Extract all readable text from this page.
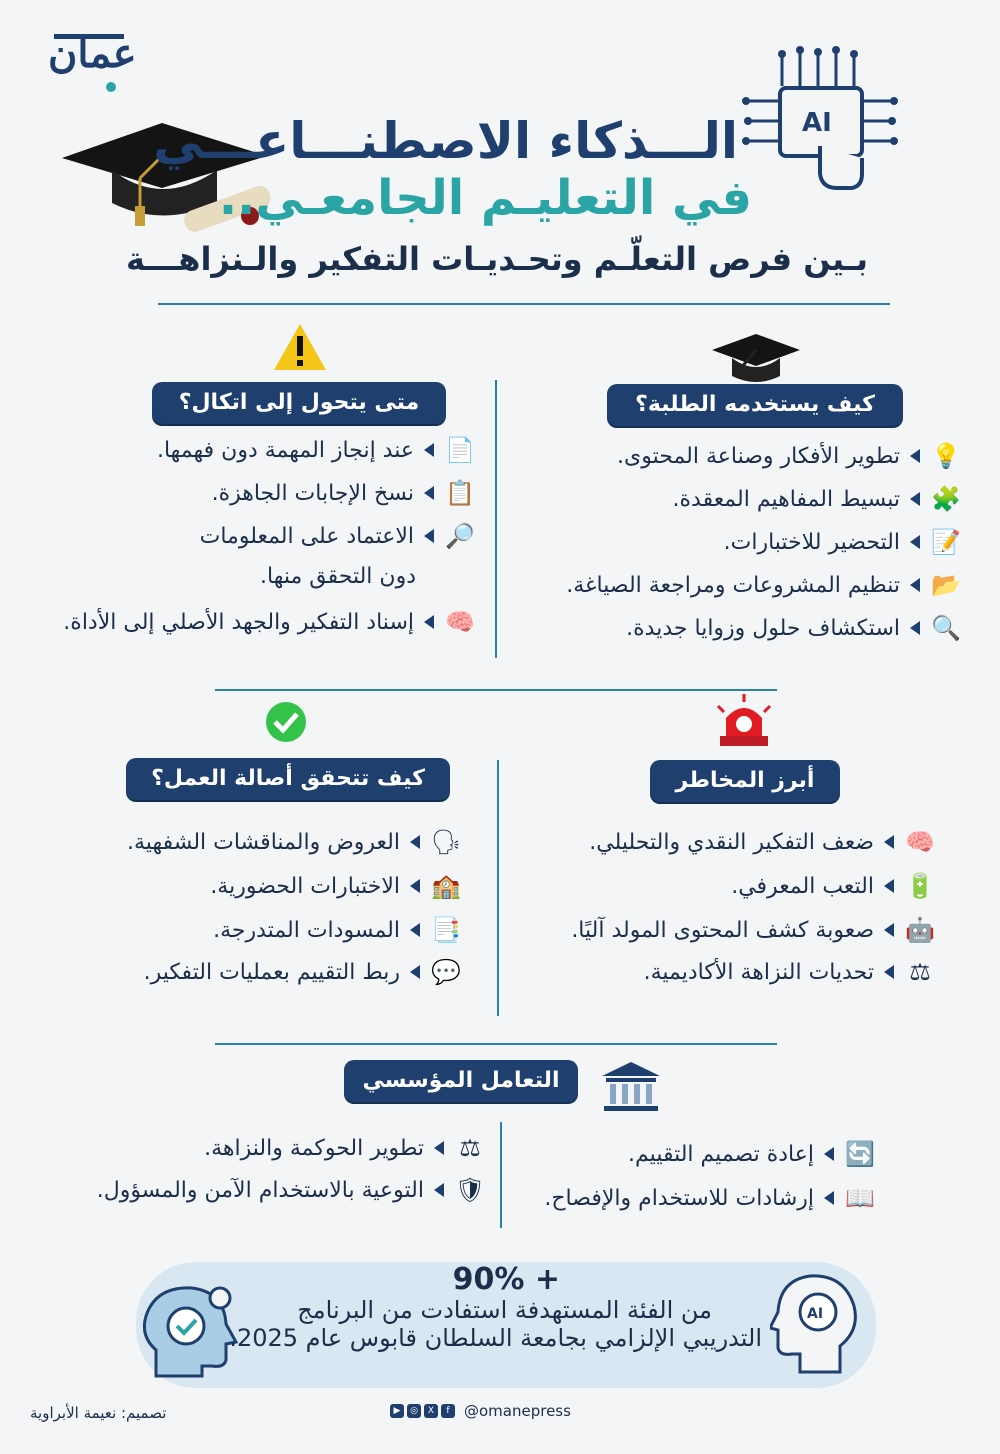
عمان
AI
الـــذكاء الاصطنـــاعـــي
في التعليـم الجامعـي..
بـين فرص التعلّـم وتحـديـات التفكير والـنزاهـــة
كيف يستخدمه الطلبة؟
متى يتحول إلى اتكال؟
أبرز المخاطر
كيف تتحقق أصالة العمل؟
التعامل المؤسسي
💡
تطوير الأفكار وصناعة المحتوى.
🧩
تبسيط المفاهيم المعقدة.
📝
التحضير للاختبارات.
📂
تنظيم المشروعات ومراجعة الصياغة.
🔍
استكشاف حلول وزوايا جديدة.
📄
عند إنجاز المهمة دون فهمها.
📋
نسخ الإجابات الجاهزة.
🔎
الاعتماد على المعلومات
دون التحقق منها.
🧠
إسناد التفكير والجهد الأصلي إلى الأداة.
🧠
ضعف التفكير النقدي والتحليلي.
🔋
التعب المعرفي.
🤖
صعوبة كشف المحتوى المولد آليًا.
⚖
تحديات النزاهة الأكاديمية.
🗣
العروض والمناقشات الشفهية.
🏫
الاختبارات الحضورية.
📑
المسودات المتدرجة.
💬
ربط التقييم بعمليات التفكير.
🔄
إعادة تصميم التقييم.
📖
إرشادات للاستخدام والإفصاح.
⚖
تطوير الحوكمة والنزاهة.
🛡
التوعية بالاستخدام الآمن والمسؤول.
AI
+ 90%
من الفئة المستهدفة استفادت من البرنامج
التدريبي الإلزامي بجامعة السلطان قابوس عام 2025.
تصميم: نعيمة الأبراوية	▶	◎	X	f @omanepress
